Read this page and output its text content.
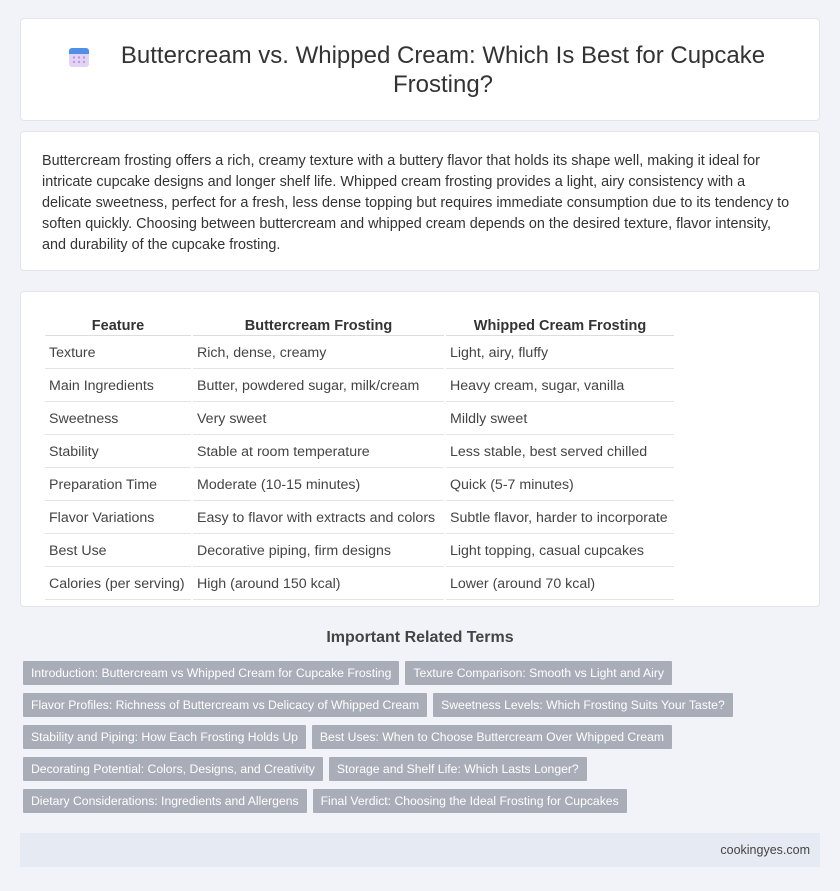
Buttercream vs. Whipped Cream: Which Is Best for Cupcake Frosting?

Buttercream frosting offers a rich, creamy texture with a buttery flavor that holds its shape well, making it ideal for intricate cupcake designs and longer shelf life. Whipped cream frosting provides a light, airy consistency with a delicate sweetness, perfect for a fresh, less dense topping but requires immediate consumption due to its tendency to soften quickly. Choosing between buttercream and whipped cream depends on the desired texture, flavor intensity, and durability of the cupcake frosting.

Feature	Buttercream Frosting	Whipped Cream Frosting
Texture	Rich, dense, creamy	Light, airy, fluffy
Main Ingredients	Butter, powdered sugar, milk/cream	Heavy cream, sugar, vanilla
Sweetness	Very sweet	Mildly sweet
Stability	Stable at room temperature	Less stable, best served chilled
Preparation Time	Moderate (10-15 minutes)	Quick (5-7 minutes)
Flavor Variations	Easy to flavor with extracts and colors	Subtle flavor, harder to incorporate
Best Use	Decorative piping, firm designs	Light topping, casual cupcakes
Calories (per serving)	High (around 150 kcal)	Lower (around 70 kcal)
Important Related Terms
Introduction: Buttercream vs Whipped Cream for Cupcake Frosting	Texture Comparison: Smooth vs Light and Airy
Flavor Profiles: Richness of Buttercream vs Delicacy of Whipped Cream	Sweetness Levels: Which Frosting Suits Your Taste?
Stability and Piping: How Each Frosting Holds Up	Best Uses: When to Choose Buttercream Over Whipped Cream
Decorating Potential: Colors, Designs, and Creativity	Storage and Shelf Life: Which Lasts Longer?
Dietary Considerations: Ingredients and Allergens	Final Verdict: Choosing the Ideal Frosting for Cupcakes
cookingyes.com
